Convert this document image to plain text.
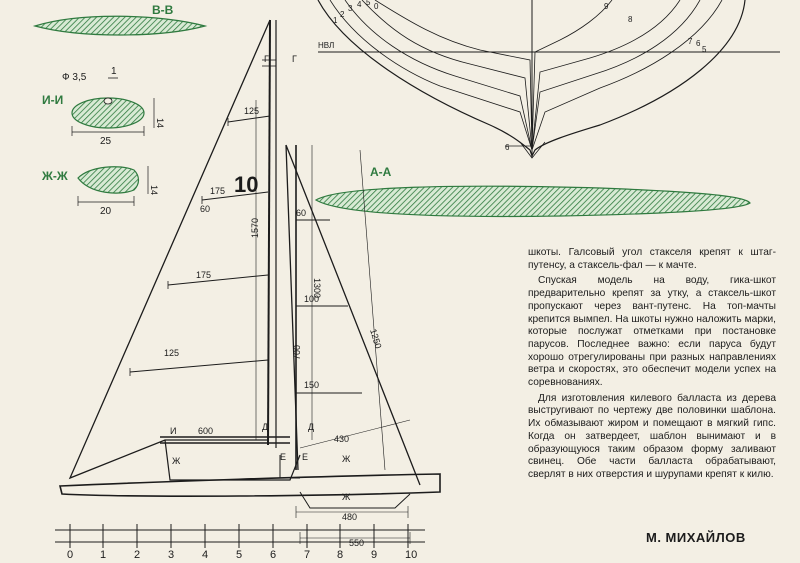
В-В
Ф 3,5
1
И-И
25
14
Ж-Ж
20
14
НВЛ
1
2
3 4 5 0	9
8
7 6
5
6
А-А
10
125
175
175
125
60
1570
60
100
150
1300
1250
700
600
430
480
550
Г	Г
И
Ж	Ж
Ж
Д	Д
Е Е
0 1	2	3	4	5	6	7 8	9	10

шкоты. Галсовый угол стакселя крепят к штаг-путенсу, а стаксель-фал — к мачте.

Спуская модель на воду, гика-шкот предварительно крепят за утку, а стаксель-шкот пропускают через вант-путенс. На топ-мачты крепится вымпел. На шкоты нужно наложить марки, которые послужат отметками при постановке парусов. Последнее важно: если паруса будут хорошо отрегулированы при разных направлениях ветра и скоростях, это обеспечит модели успех на соревнованиях.

Для изготовления килевого балласта из дерева выстругивают по чертежу две половинки шаблона. Их обмазывают жиром и помещают в мягкий гипс. Когда он затвердеет, шаблон вынимают и в образующуюся таким образом форму заливают свинец. Обе части балласта обрабатывают, сверлят в них отверстия и шурупами крепят к килю.

М. МИХАЙЛОВ
